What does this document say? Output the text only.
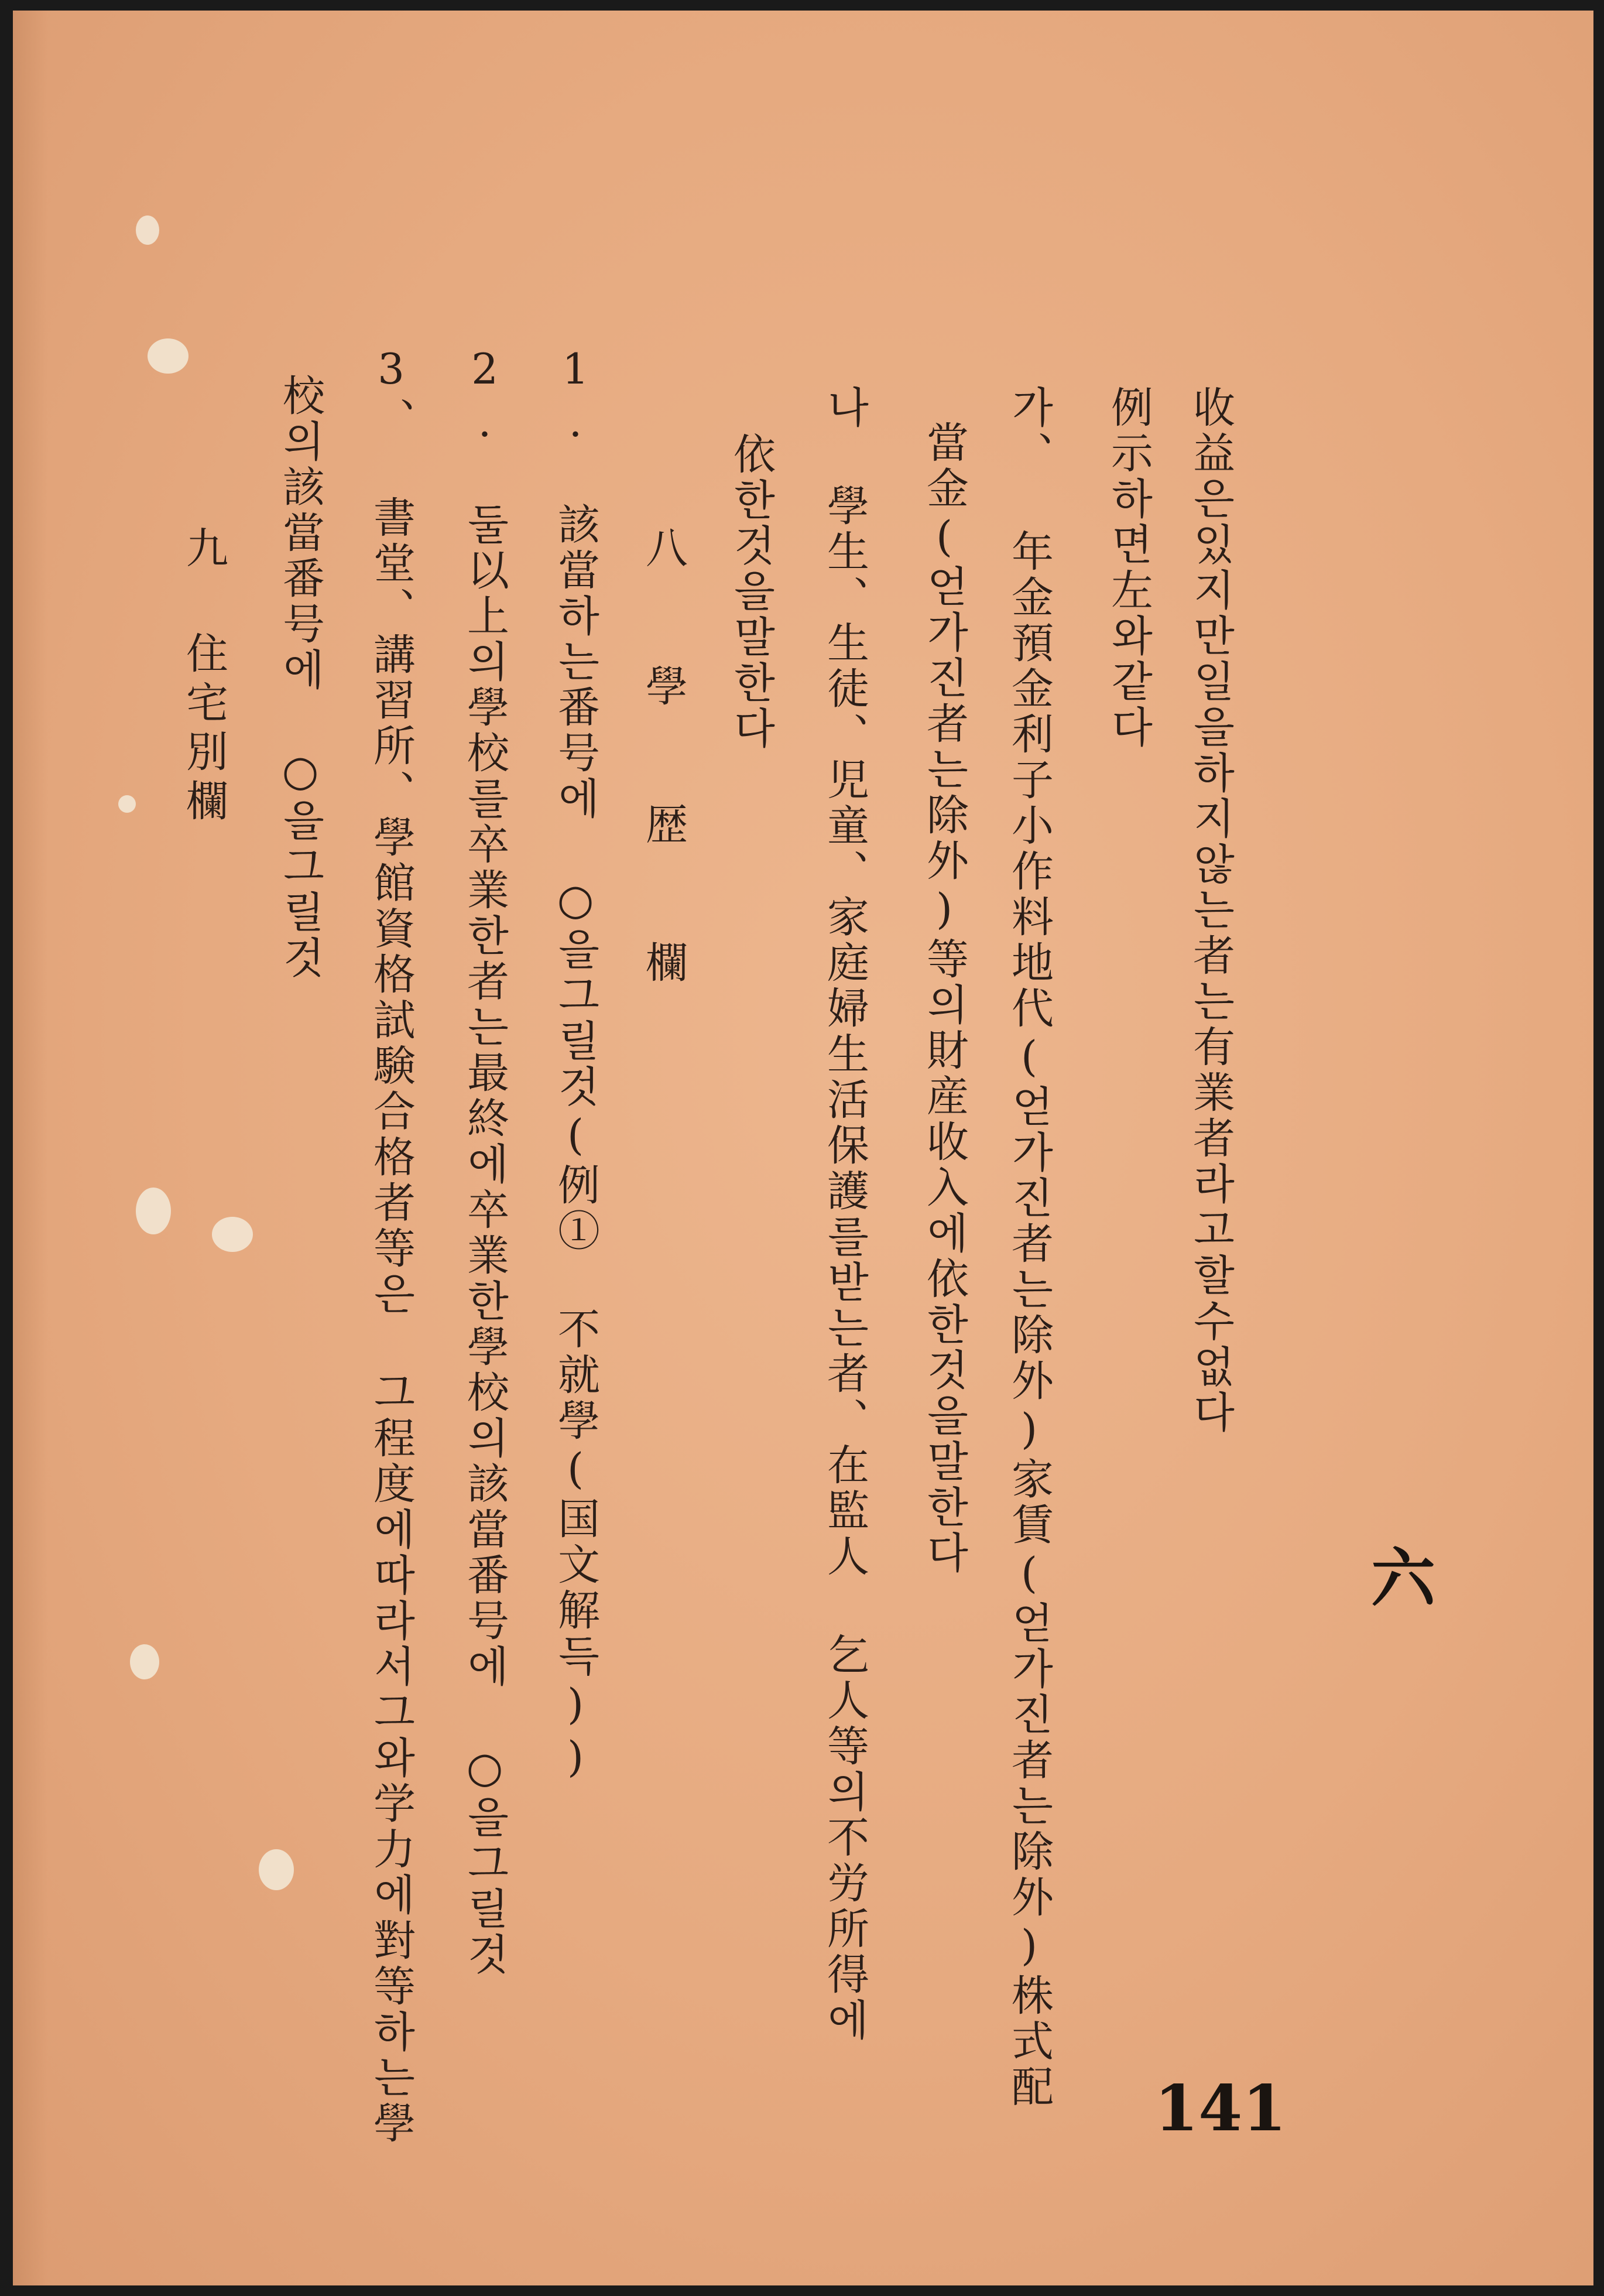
收益은있지만일을하지않는者는有業者라고할수없다
例示하면左와같다
가、 年金預金利子小作料地代(얻가진者는除外)家賃(얻가진者는除外)株式配
當金(얻가진者는除外)等의財産收入에依한것을말한다
나 學生、生徒、児童、家庭婦生活保護를받는者、在監人 乞人等의不労所得에
依한것을말한다
八 學 歴 欄
1. 該當하는番号에 ○을그릴것(例① 不就學(国文解득))
2. 둘以上의學校를卒業한者는最終에卒業한學校의該當番号에 ○을그릴것
3、 書堂、講習所、學館資格試験合格者等은 그程度에따라서그와学力에對等하는學
校의該當番号에 ○을그릴것
九 住宅別欄
六
141
